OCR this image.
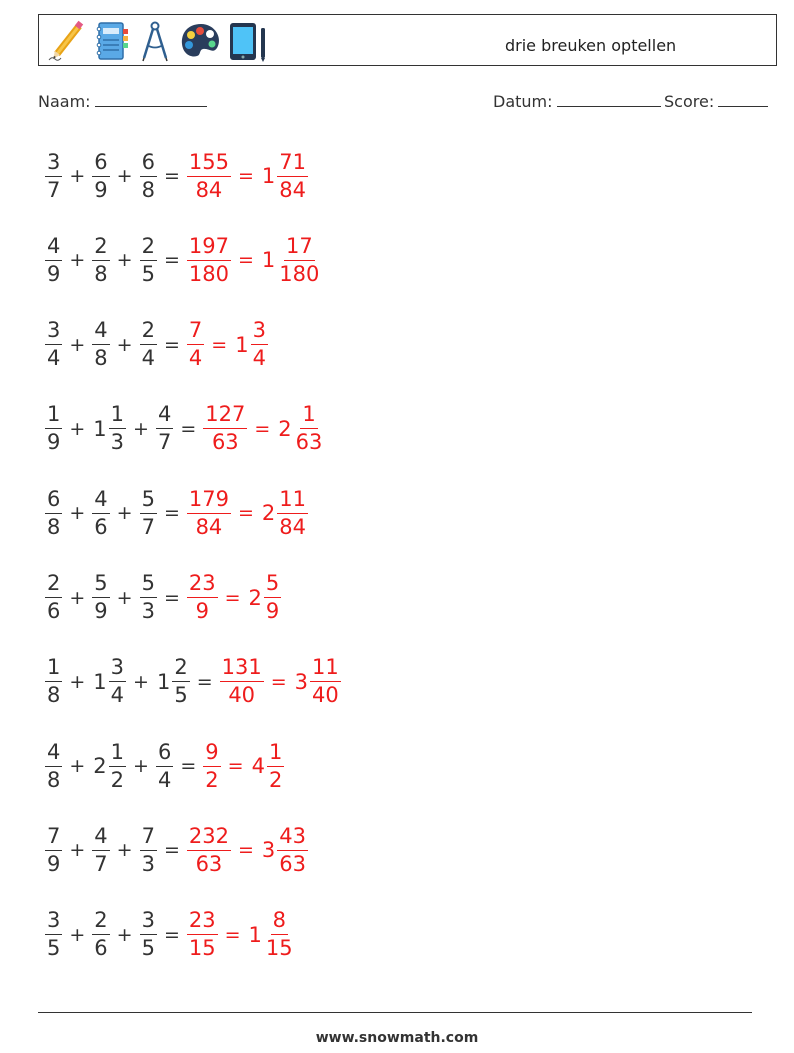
drie breuken optellen
Naam:	Datum:	Score:
$\frac{3}{7} + \frac{6}{9} + \frac{6}{8} = \frac{155}{84} = 1 \frac{71}{84}$
$\frac{4}{9} + \frac{2}{8} + \frac{2}{5} = \frac{197}{180} = 1 \frac{17}{180}$
$\frac{3}{4} + \frac{4}{8} + \frac{2}{4} = \frac{7}{4} = 1 \frac{3}{4}$
$\frac{1}{9} + 1 \frac{1}{3} + \frac{4}{7} = \frac{127}{63} = 2 \frac{1}{63}$
$\frac{6}{8} + \frac{4}{6} + \frac{5}{7} = \frac{179}{84} = 2 \frac{11}{84}$
$\frac{2}{6} + \frac{5}{9} + \frac{5}{3} = \frac{23}{9} = 2 \frac{5}{9}$
$\frac{1}{8} + 1 \frac{3}{4} + 1 \frac{2}{5} = \frac{131}{40} = 3 \frac{11}{40}$
$\frac{4}{8} + 2 \frac{1}{2} + \frac{6}{4} = \frac{9}{2} = 4 \frac{1}{2}$
$\frac{7}{9} + \frac{4}{7} + \frac{7}{3} = \frac{232}{63} = 3 \frac{43}{63}$
$\frac{3}{5} + \frac{2}{6} + \frac{3}{5} = \frac{23}{15} = 1 \frac{8}{15}$
www.snowmath.com
